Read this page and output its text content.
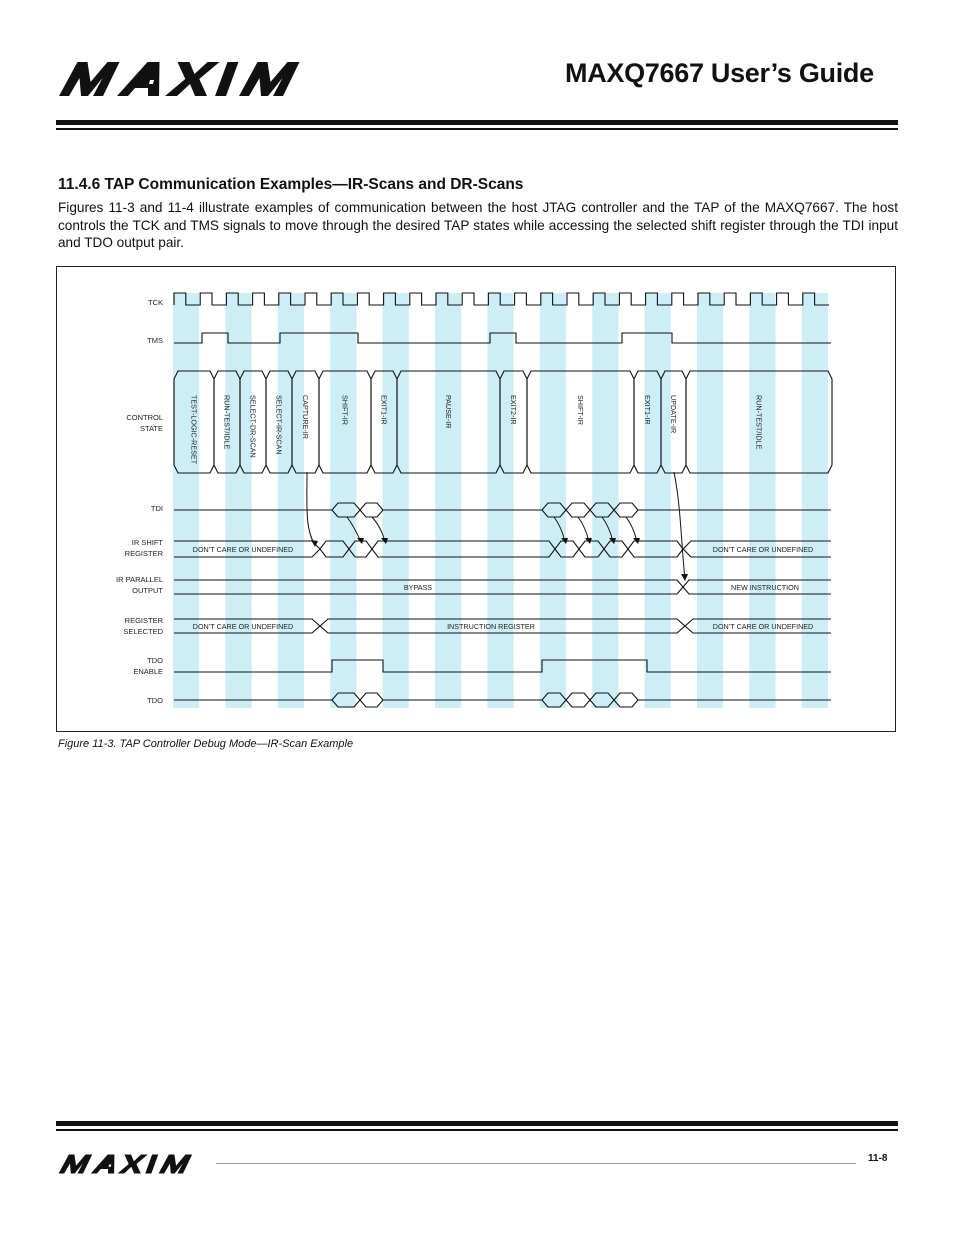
MAXQ7667 User’s Guide
11.4.6 TAP Communication Examples—IR-Scans and DR-Scans
Figures 11-3 and 11-4 illustrate examples of communication between the host JTAG controller and the TAP of the MAXQ7667. The host controls the TCK and TMS signals to move through the desired TAP states while accessing the selected shift register through the TDI input and TDO output pair.
TCK
TMS
CONTROL
STATE
TDI
IR SHIFT
REGISTER
IR PARALLEL
OUTPUT
REGISTER
SELECTED
TDO
ENABLE
TDO
TEST-LOGIC-RESET	RUN-TEST/IDLE SELECT-DR-SCAN SELECT-IR-SCAN CAPTURE-IR	SHIFT-IR	EXIT1-IR	PAUSE-IR	EXIT2-IR	SHIFT-IR	EXIT1-IR UPDATE-IR	RUN-TEST/IDLE
DON’T CARE OR UNDEFINED	DON’T CARE OR UNDEFINED
BYPASS	NEW INSTRUCTION
DON’T CARE OR UNDEFINED	INSTRUCTION REGISTER	DON’T CARE OR UNDEFINED
Figure 11-3. TAP Controller Debug Mode—IR-Scan Example
11-8
